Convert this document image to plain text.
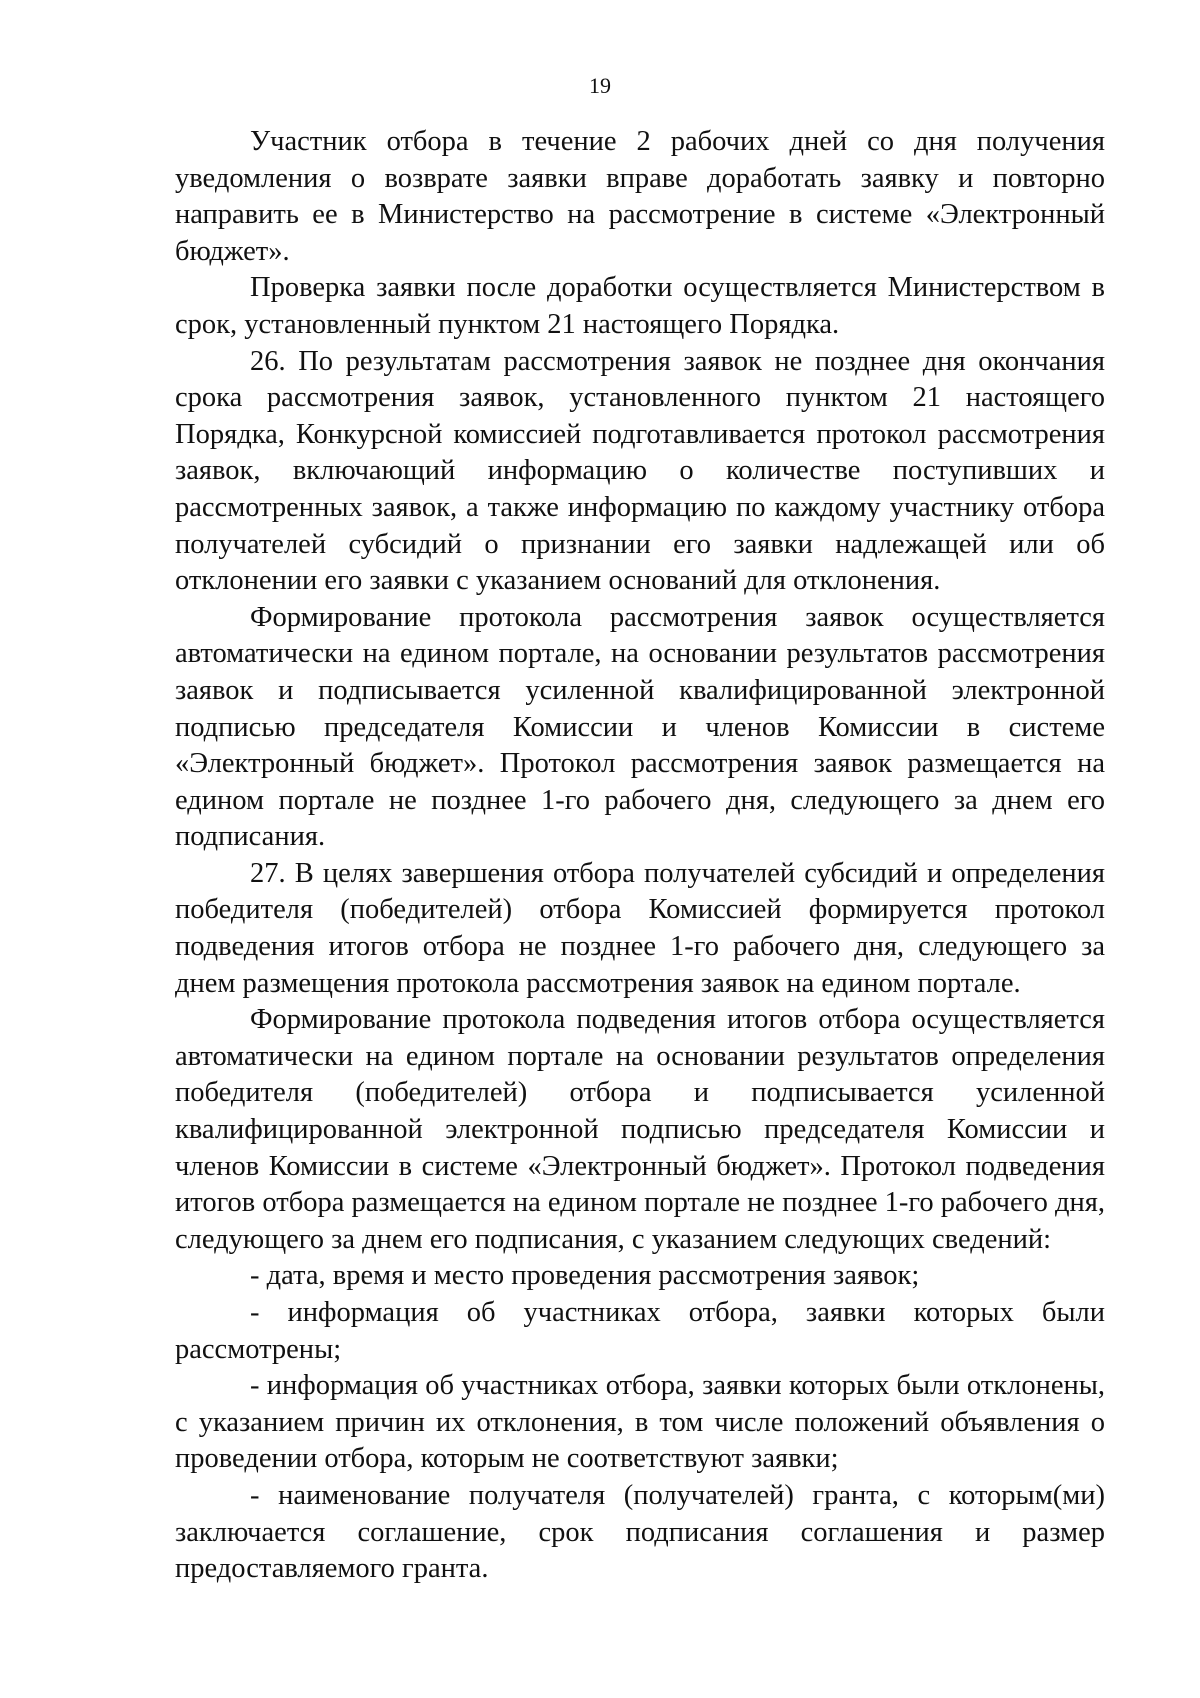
19

Участник отбора в течение 2 рабочих дней со дня получения уведомления о возврате заявки вправе доработать заявку и повторно направить ее в Министерство на рассмотрение в системе «Электронный бюджет».

Проверка заявки после доработки осуществляется Министерством в срок, установленный пунктом 21 настоящего Порядка.

26. По результатам рассмотрения заявок не позднее дня окончания срока рассмотрения заявок, установленного пунктом 21 настоящего Порядка, Конкурсной комиссией подготавливается протокол рассмотрения заявок, включающий информацию о количестве поступивших и рассмотренных заявок, а также информацию по каждому участнику отбора получателей субсидий о признании его заявки надлежащей или об отклонении его заявки с указанием оснований для отклонения.

Формирование протокола рассмотрения заявок осуществляется автоматически на едином портале, на основании результатов рассмотрения заявок и подписывается усиленной квалифицированной электронной подписью председателя Комиссии и членов Комиссии в системе «Электронный бюджет». Протокол рассмотрения заявок размещается на едином портале не позднее 1-го рабочего дня, следующего за днем его подписания.

27. В целях завершения отбора получателей субсидий и определения победителя (победителей) отбора Комиссией формируется протокол подведения итогов отбора не позднее 1-го рабочего дня, следующего за днем размещения протокола рассмотрения заявок на едином портале.

Формирование протокола подведения итогов отбора осуществляется автоматически на едином портале на основании результатов определения победителя (победителей) отбора и подписывается усиленной квалифицированной электронной подписью председателя Комиссии и членов Комиссии в системе «Электронный бюджет». Протокол подведения итогов отбора размещается на едином портале не позднее 1-го рабочего дня, следующего за днем его подписания, с указанием следующих сведений:

- дата, время и место проведения рассмотрения заявок;

- информация об участниках отбора, заявки которых были рассмотрены;

- информация об участниках отбора, заявки которых были отклонены, с указанием причин их отклонения, в том числе положений объявления о проведении отбора, которым не соответствуют заявки;

- наименование получателя (получателей) гранта, с которым(ми) заключается соглашение, срок подписания соглашения и размер предоставляемого гранта.
